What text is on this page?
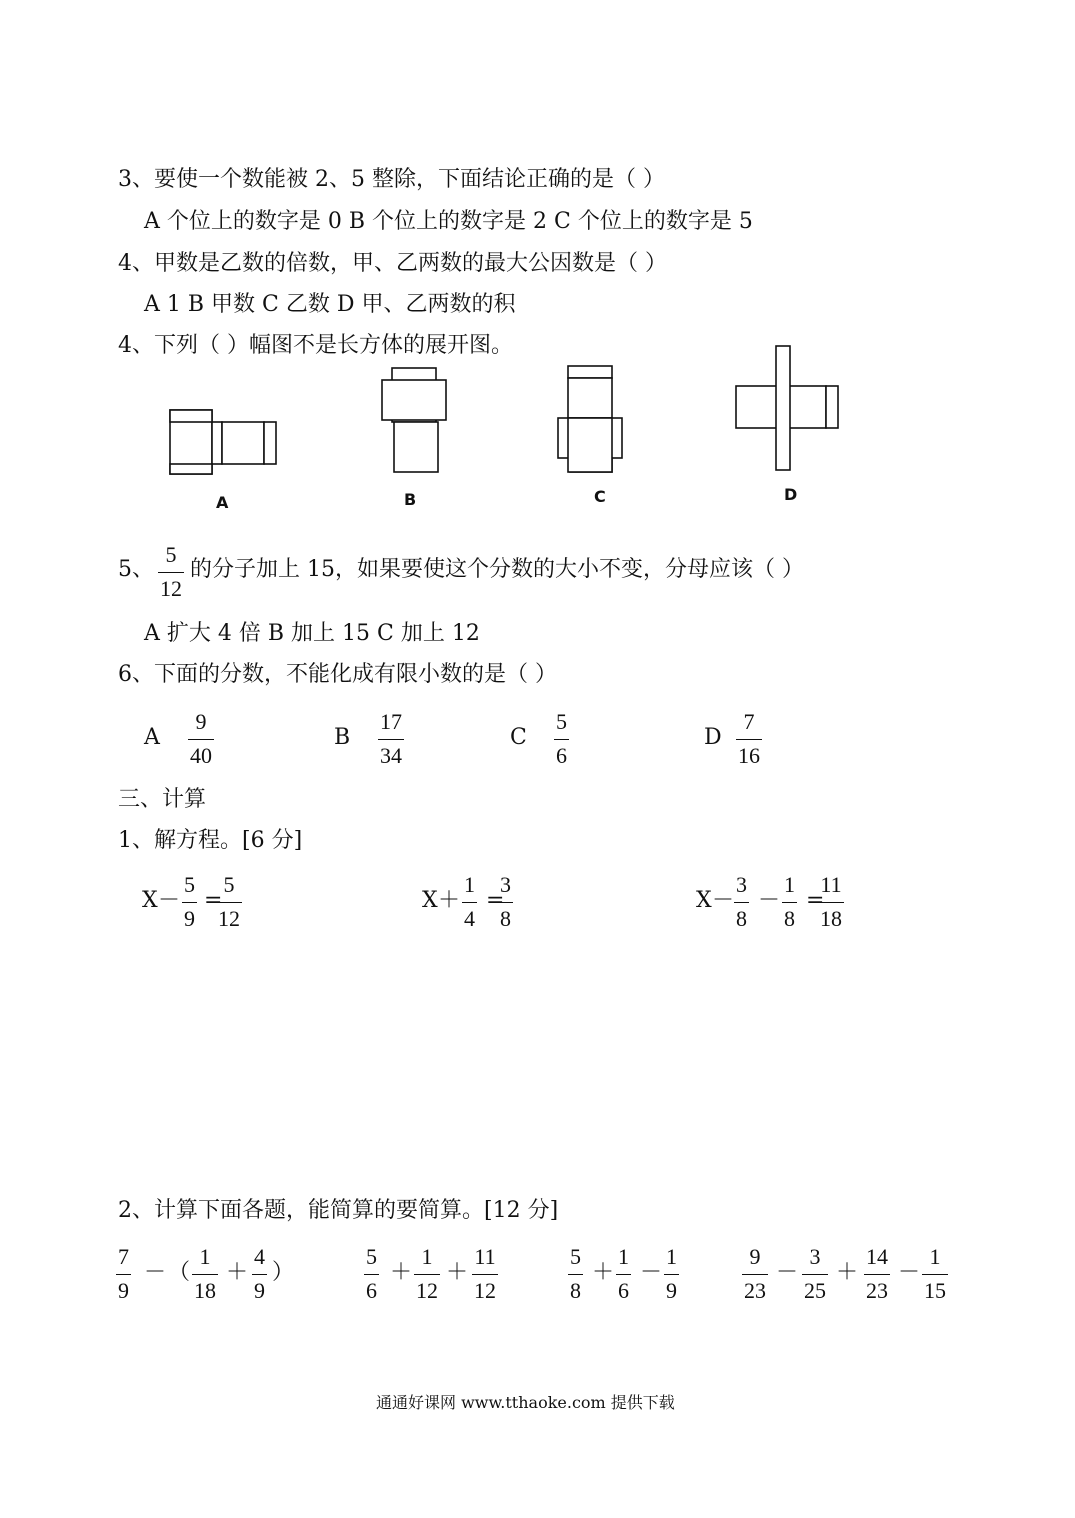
3、要使一个数能被 2、5 整除，下面结论正确的是（ ）
A 个位上的数字是 0 B 个位上的数字是 2 C 个位上的数字是 5
4、甲数是乙数的倍数，甲、乙两数的最大公因数是（ ）
A 1 B 甲数 C 乙数 D 甲、乙两数的积
4、下列（ ）幅图不是长方体的展开图。
A	B	C	D
5、
5
12
的分子加上 15，如果要使这个分数的大小不变，分母应该（ ）
A 扩大 4 倍 B 加上 15 C 加上 12
6、下面的分数，不能化成有限小数的是（ ）
A
9
40
B
17
34
C
5
6
D
7
16
三、计算
1、解方程。[6 分]
X －
5
9
=
5
12
X ＋
1
4
=
3
8
X －
3
8
－
1
8
=
11
18
2、计算下面各题，能简算的要简算。[12 分]
7
9
－ （
1
18
＋
4
9
）
5
6
＋
1
12
＋
11
12
5
8
＋
1
6
－
1
9
9
23
－
3
25
＋
14
23
－
1
15
通通好课网 www.tthaoke.com 提供下载
